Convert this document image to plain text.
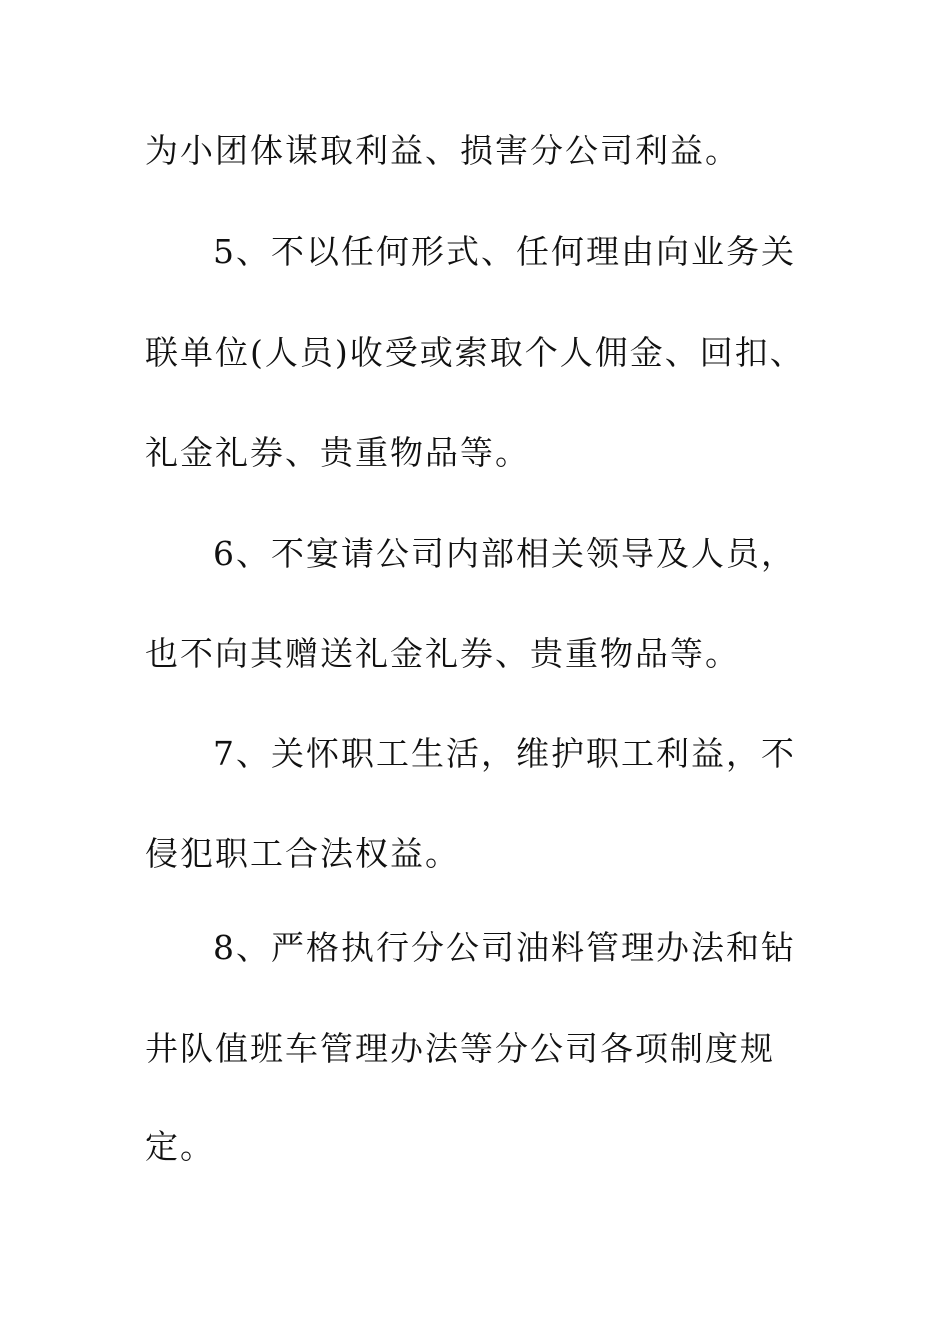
为小团体谋取利益、损害分公司利益。
5、不以任何形式、任何理由向业务关
联单位(人员)收受或索取个人佣金、回扣、
礼金礼券、贵重物品等。
6、不宴请公司内部相关领导及人员，
也不向其赠送礼金礼券、贵重物品等。
7、关怀职工生活，维护职工利益，不
侵犯职工合法权益。
8、严格执行分公司油料管理办法和钻
井队值班车管理办法等分公司各项制度规
定。
